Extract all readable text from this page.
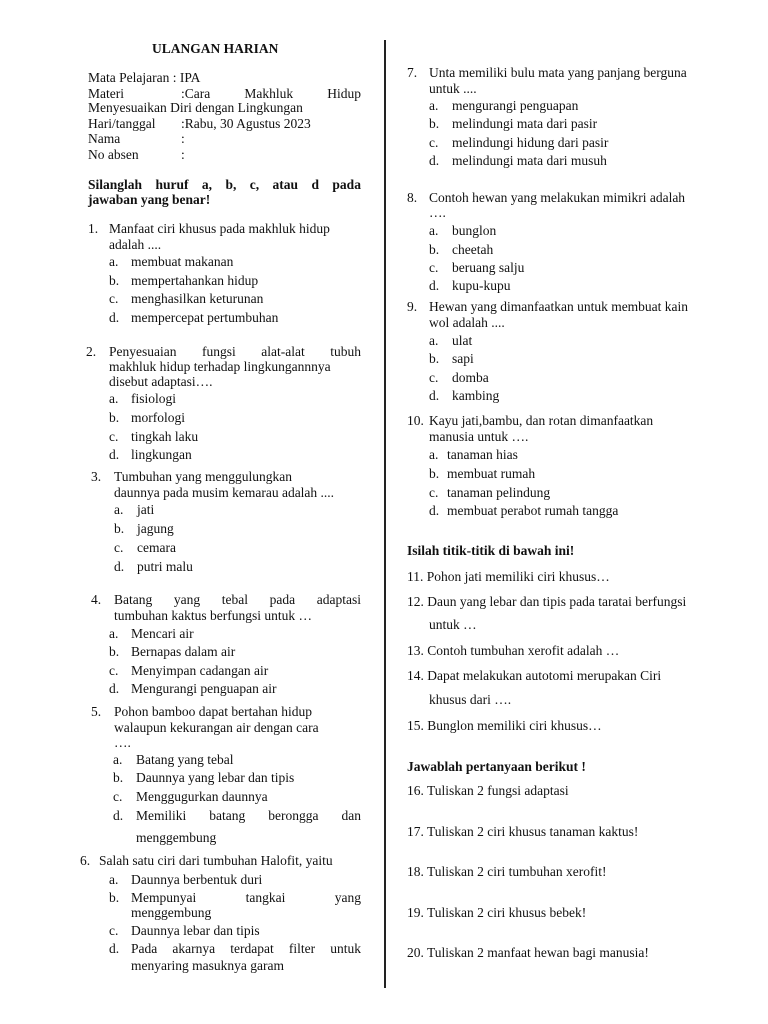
ULANGAN HARIAN
Mata Pelajaran : IPA
Materi	:Cara	Makhluk	Hidup
Menyesuaikan Diri dengan Lingkungan
Hari/tanggal :Rabu, 30 Agustus 2023
Nama	:
No absen	:
Silanglah huruf a, b, c, atau d pada
jawaban yang benar!
1. Manfaat ciri khusus pada makhluk hidup
adalah ....
a. membuat makanan
b. mempertahankan hidup
c. menghasilkan keturunan
d. mempercepat pertumbuhan
2. Penyesuaian fungsi alat-alat tubuh
makhluk hidup terhadap lingkungannnya
disebut adaptasi….
a. fisiologi
b. morfologi
c. tingkah laku
d. lingkungan
3. Tumbuhan yang menggulungkan
daunnya pada musim kemarau adalah ....
a. jati
b. jagung
c. cemara
d. putri malu
4. Batang yang tebal pada adaptasi
tumbuhan kaktus berfungsi untuk …
a. Mencari air
b. Bernapas dalam air
c. Menyimpan cadangan air
d. Mengurangi penguapan air
5. Pohon bamboo dapat bertahan hidup
walaupun kekurangan air dengan cara
….
a. Batang yang tebal
b. Daunnya yang lebar dan tipis
c. Menggugurkan daunnya
d. Memiliki batang berongga dan
menggembung
6. Salah satu ciri dari tumbuhan Halofit, yaitu
a. Daunnya berbentuk duri
b. Mempunyai	tangkai	yang
menggembung
c. Daunnya lebar dan tipis
d. Pada akarnya terdapat filter untuk
menyaring masuknya garam
7. Unta memiliki bulu mata yang panjang berguna
untuk ....
a. mengurangi penguapan
b. melindungi mata dari pasir
c. melindungi hidung dari pasir
d. melindungi mata dari musuh
8. Contoh hewan yang melakukan mimikri adalah
….
a. bunglon
b. cheetah
c. beruang salju
d. kupu-kupu
9. Hewan yang dimanfaatkan untuk membuat kain
wol adalah ....
a. ulat
b. sapi
c. domba
d. kambing
10. Kayu jati,bambu, dan rotan dimanfaatkan
manusia untuk ….
a. tanaman hias
b. membuat rumah
c. tanaman pelindung
d. membuat perabot rumah tangga
Isilah titik-titik di bawah ini!
11. Pohon jati memiliki ciri khusus…
12. Daun yang lebar dan tipis pada taratai berfungsi
untuk …
13. Contoh tumbuhan xerofit adalah …
14. Dapat melakukan autotomi merupakan Ciri
khusus dari ….
15. Bunglon memiliki ciri khusus…
Jawablah pertanyaan berikut !
16. Tuliskan 2 fungsi adaptasi
17. Tuliskan 2 ciri khusus tanaman kaktus!
18. Tuliskan 2 ciri tumbuhan xerofit!
19. Tuliskan 2 ciri khusus bebek!
20. Tuliskan 2 manfaat hewan bagi manusia!
